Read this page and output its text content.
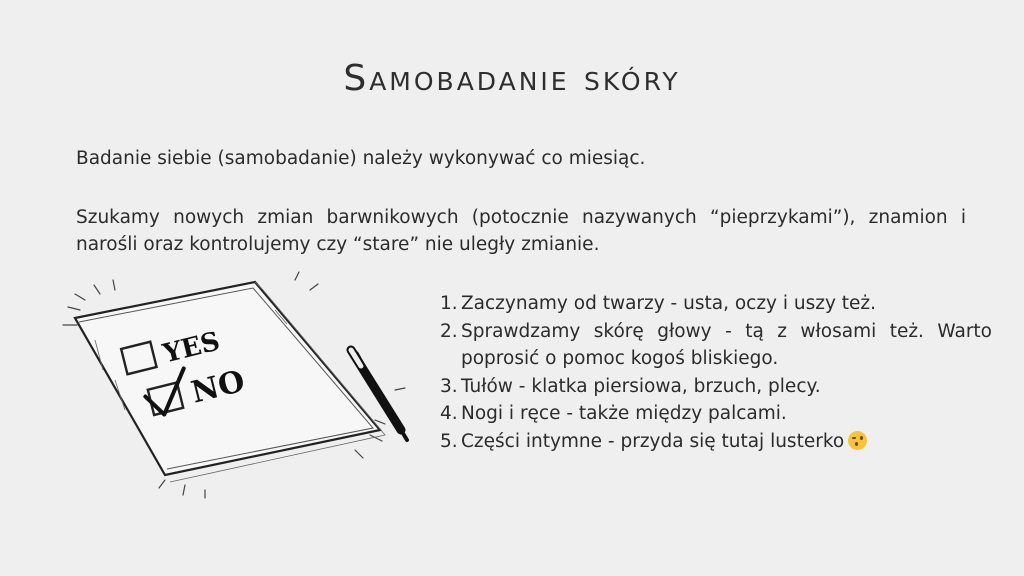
Samobadanie skóry

Badanie siebie (samobadanie) należy wykonywać co miesiąc.

Szukamy nowych zmian barwnikowych (potocznie nazywanych “pieprzykami”), znamion i narośli oraz kontrolujemy czy “stare” nie uległy zmianie.

YES
NO
1. Zaczynamy od twarzy - usta, oczy i uszy też.
2. Sprawdzamy skórę głowy - tą z włosami też. Warto poprosić o pomoc kogoś bliskiego.
3. Tułów - klatka piersiowa, brzuch, plecy.
4. Nogi i ręce - także między palcami.
5. Części intymne - przyda się tutaj lusterko
